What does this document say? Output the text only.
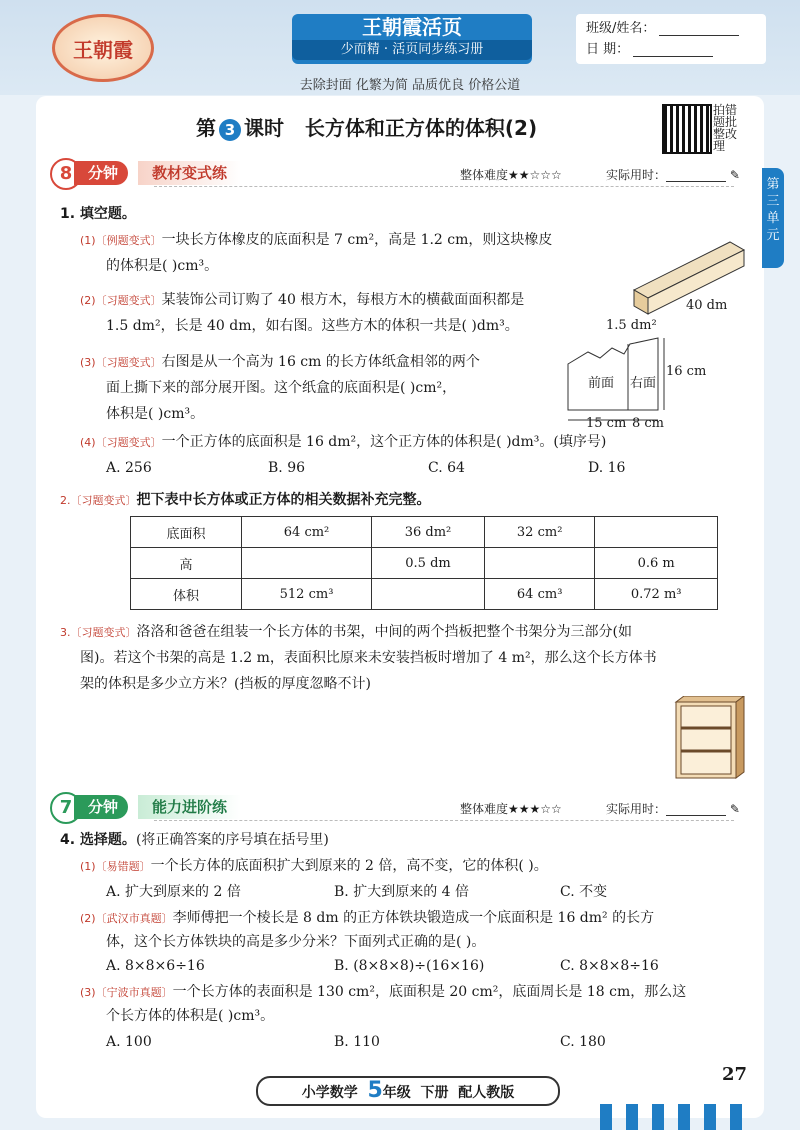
王朝霞
王朝霞活页
少而精 · 活页同步练习册
去除封面 化繁为简 品质优良 价格公道
班级/姓名：
日 期：
第三单元
第 3 课时 长方体和正方体的体积(2)
拍错题批整改理
8	分钟	教材变式练	整体难度★★☆☆☆	实际用时：	✎
1. 填空题。
(1)〔例题变式〕一块长方体橡皮的底面积是 7 cm²，高是 1.2 cm，则这块橡皮
的体积是( )cm³。
(2)〔习题变式〕某装饰公司订购了 40 根方木，每根方木的横截面面积都是
1.5 dm²，长是 40 dm，如右图。这些方木的体积一共是( )dm³。
40 dm
1.5 dm²
(3)〔习题变式〕右图是从一个高为 16 cm 的长方体纸盒相邻的两个
面上撕下来的部分展开图。这个纸盒的底面积是( )cm²，
体积是( )cm³。
前面 右面
16 cm
15 cm 8 cm
(4)〔习题变式〕一个正方体的底面积是 16 dm²，这个正方体的体积是( )dm³。(填序号)
A. 256	B. 96	C. 64	D. 16
2.〔习题变式〕把下表中长方体或正方体的相关数据补充完整。
底面积	64 cm²	36 dm²	32 cm²	
高		0.5 dm		0.6 m
体积	512 cm³		64 cm³	0.72 m³
3.〔习题变式〕洛洛和爸爸在组装一个长方体的书架，中间的两个挡板把整个书架分为三部分(如
图)。若这个书架的高是 1.2 m，表面积比原来未安装挡板时增加了 4 m²，那么这个长方体书
架的体积是多少立方米？(挡板的厚度忽略不计)
7	分钟	能力进阶练	整体难度★★★☆☆	实际用时：	✎
4. 选择题。(将正确答案的序号填在括号里)
(1)〔易错题〕一个长方体的底面积扩大到原来的 2 倍，高不变，它的体积( )。
A. 扩大到原来的 2 倍	B. 扩大到原来的 4 倍	C. 不变
(2)〔武汉市真题〕李师傅把一个棱长是 8 dm 的正方体铁块锻造成一个底面积是 16 dm² 的长方
体，这个长方体铁块的高是多少分米？下面列式正确的是( )。
A. 8×8×6÷16	B. (8×8×8)÷(16×16)	C. 8×8×8÷16
(3)〔宁波市真题〕一个长方体的表面积是 130 cm²，底面积是 20 cm²，底面周长是 18 cm，那么这
个长方体的体积是( )cm³。
A. 100	B. 110	C. 180
27
小学数学 5年级 下册 配人教版
